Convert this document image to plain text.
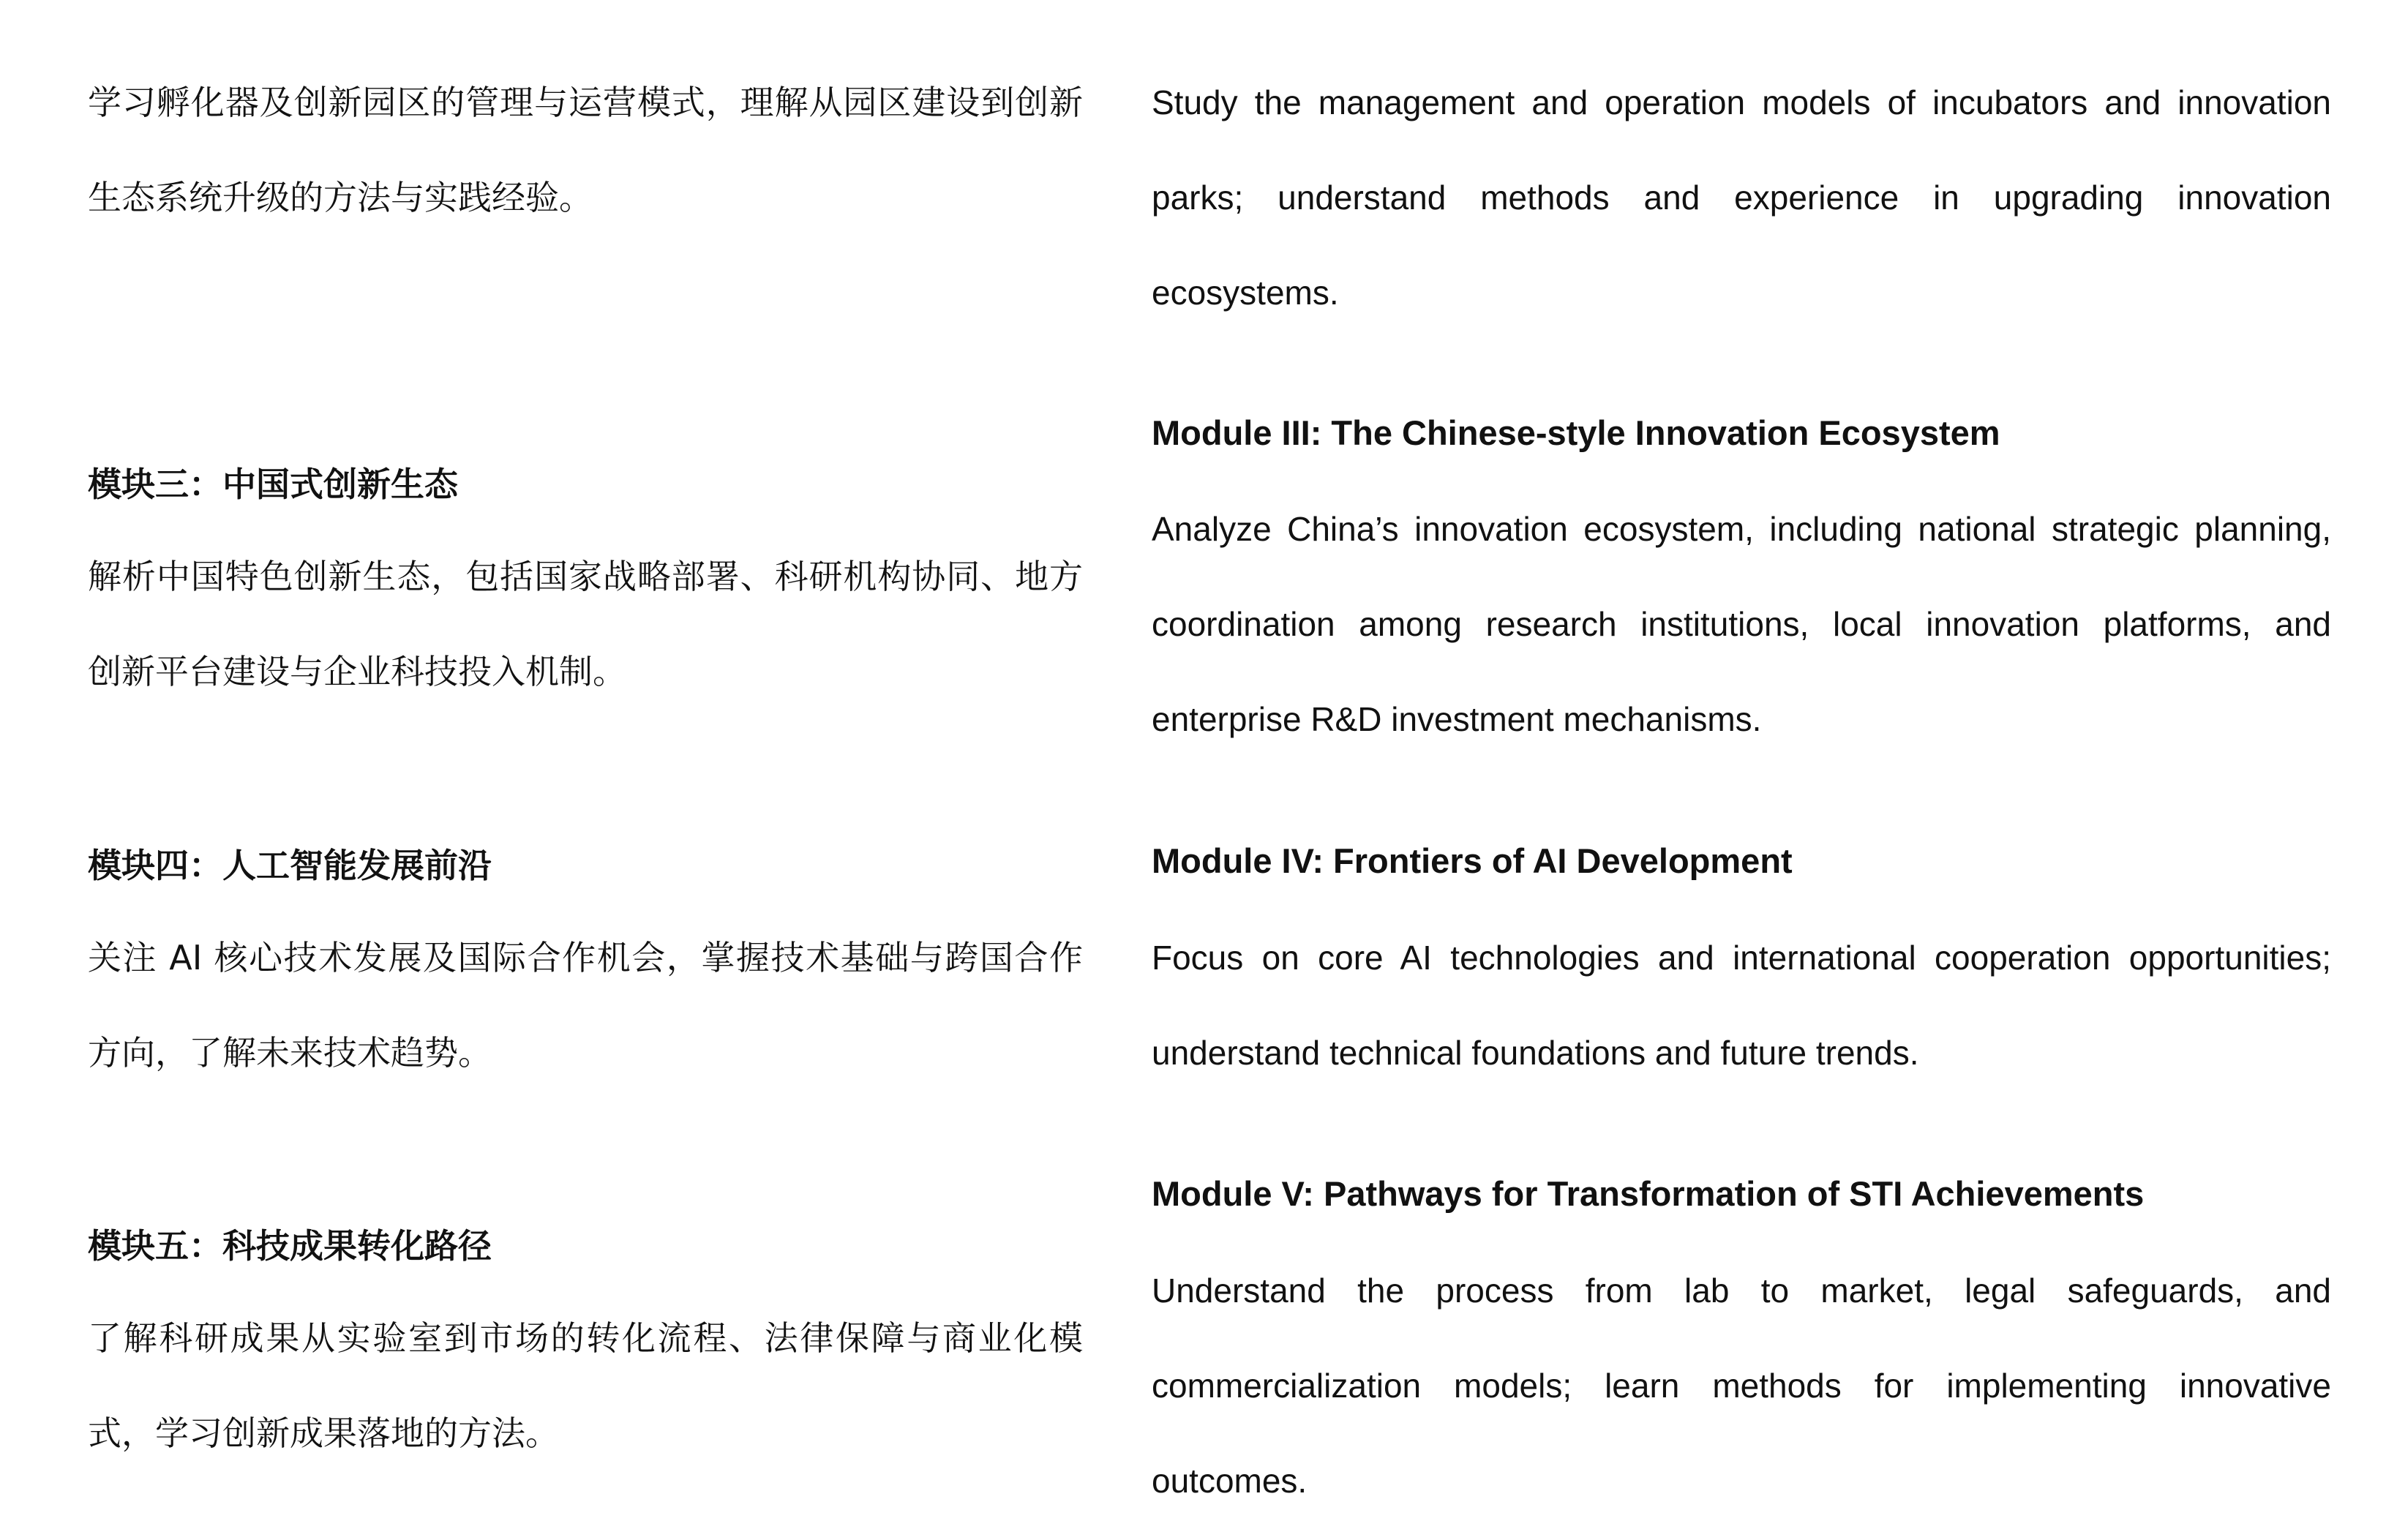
学习孵化器及创新园区的管理与运营模式，理解从园区建设到创新生态系统升级的方法与实践经验。

模块三：中国式创新生态

解析中国特色创新生态，包括国家战略部署、科研机构协同、地方创新平台建设与企业科技投入机制。

模块四：人工智能发展前沿

关注 AI 核心技术发展及国际合作机会，掌握技术基础与跨国合作方向，了解未来技术趋势。

模块五：科技成果转化路径

了解科研成果从实验室到市场的转化流程、法律保障与商业化模式，学习创新成果落地的方法。

Study the management and operation models of incubators and innovation parks; understand methods and experience in upgrading innovation ecosystems.

Module III: The Chinese-style Innovation Ecosystem

Analyze China’s innovation ecosystem, including national strategic planning, coordination among research institutions, local innovation platforms, and enterprise R&D investment mechanisms.

Module IV: Frontiers of AI Development

Focus on core AI technologies and international cooperation opportunities; understand technical foundations and future trends.

Module V: Pathways for Transformation of STI Achievements

Understand the process from lab to market, legal safeguards, and commercialization models; learn methods for implementing innovative outcomes.
